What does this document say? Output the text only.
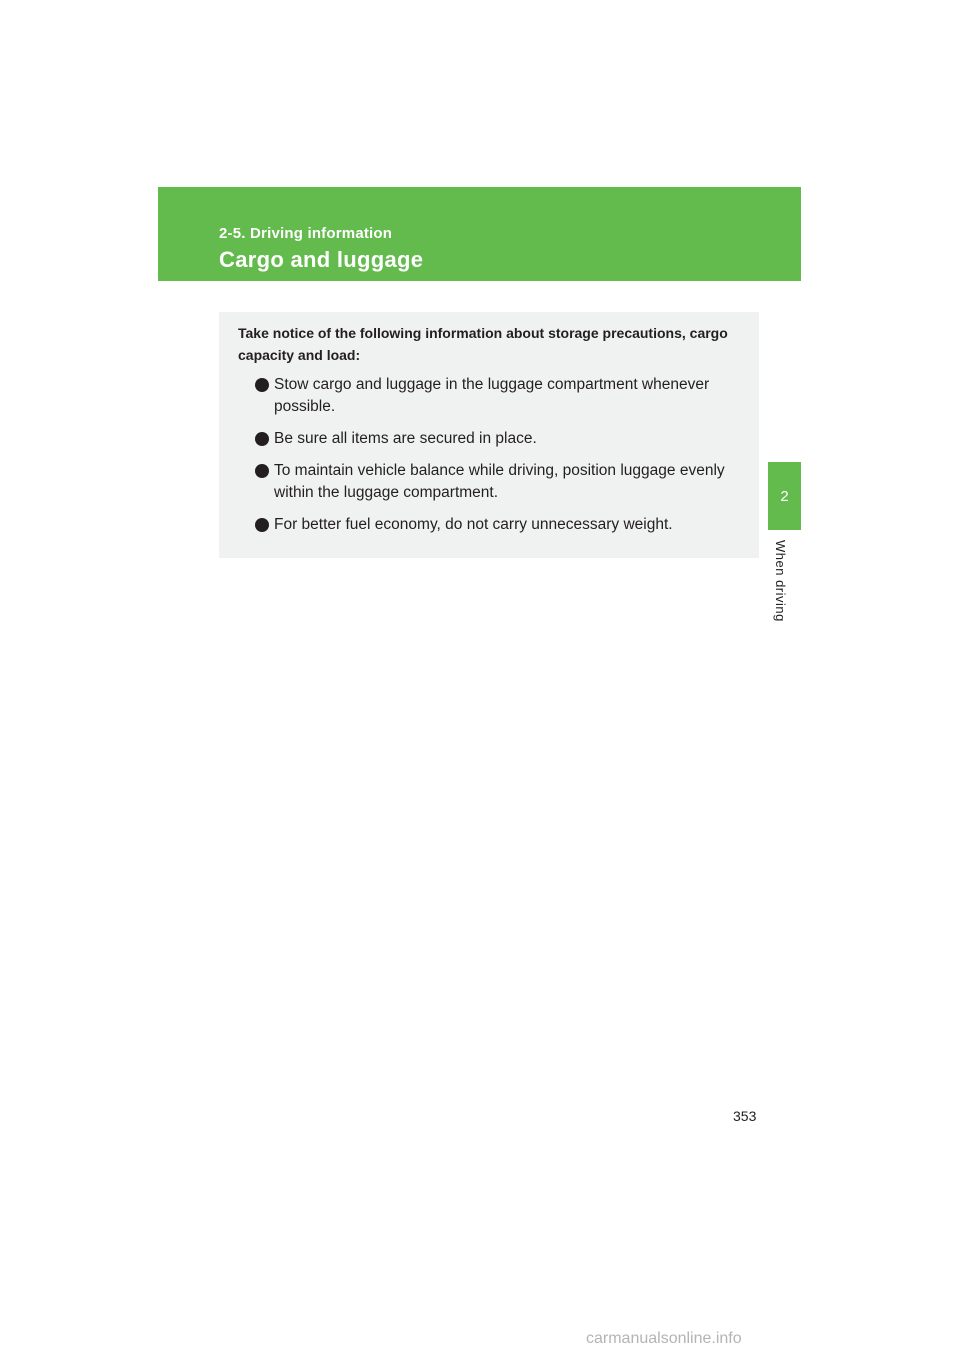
2-5. Driving information
Cargo and luggage
2
When driving
Take notice of the following information about storage precautions, cargo capacity and load:
Stow cargo and luggage in the luggage compartment whenever possible.
Be sure all items are secured in place.
To maintain vehicle balance while driving, position luggage evenly within the luggage compartment.
For better fuel economy, do not carry unnecessary weight.
353
carmanualsonline.info
